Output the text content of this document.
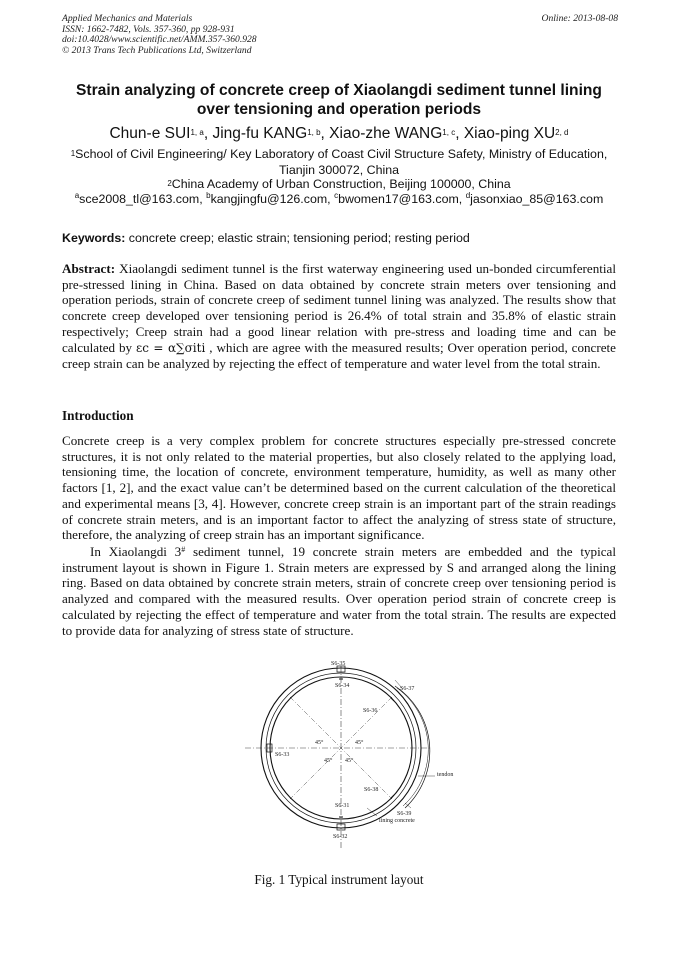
Applied Mechanics and Materials
ISSN: 1662-7482, Vols. 357-360, pp 928-931
doi:10.4028/www.scientific.net/AMM.357-360.928
© 2013 Trans Tech Publications Ltd, Switzerland
Online: 2013-08-08
Strain analyzing of concrete creep of Xiaolangdi sediment tunnel lining
over tensioning and operation periods
Chun-e SUI$^{1, a}$, Jing-fu KANG$^{1, b}$, Xiao-zhe WANG$^{1, c}$, Xiao-ping XU$^{2, d}$
$^1$School of Civil Engineering/ Key Laboratory of Coast Civil Structure Safety, Ministry of Education,
Tianjin 300072, China
$^2$China Academy of Urban Construction, Beijing 100000, China
$^a$sce2008_tl@163.com, $^b$kangjingfu@126.com, $^c$bwomen17@163.com, $^d$jasonxiao_85@163.com
Keywords: concrete creep; elastic strain; tensioning period; resting period
Abstract: Xiaolangdi sediment tunnel is the first waterway engineering used un-bonded circumferential pre-stressed lining in China. Based on data obtained by concrete strain meters over tensioning and operation periods, strain of concrete creep of sediment tunnel lining was analyzed. The results show that concrete creep developed over tensioning period is 26.4% of total strain and 35.8% of elastic strain respectively; Creep strain had a good linear relation with pre-stress and loading time and can be calculated by εc = α∑σiti , which are agree with the measured results; Over operation period, concrete creep strain can be analyzed by rejecting the effect of temperature and water level from the total strain.
Introduction
Concrete creep is a very complex problem for concrete structures especially pre-stressed concrete structures, it is not only related to the material properties, but also closely related to the applying load, tensioning time, the location of concrete, environment temperature, humidity, as well as many other factors [1, 2], and the exact value can’t be determined based on the current calculation of the theoretical and experimental means [3, 4]. However, concrete creep strain is an important part of the strain readings of concrete strain meters, and is an important factor to affect the analyzing of stress state of structure, therefore, the analyzing of creep strain has an important significance.
In Xiaolangdi 3# sediment tunnel, 19 concrete strain meters are embedded and the typical instrument layout is shown in Figure 1. Strain meters are expressed by S and arranged along the lining ring. Based on data obtained by concrete strain meters, strain of concrete creep over tensioning period is analyzed and compared with the measured results. Over operation period strain of concrete creep is calculated by rejecting the effect of temperature and water from the total strain. The results are expected to provide data for analyzing of stress state of structure.
S6-35
S6-37
S6-34
S6-36
S6-33
S6-38
S6-31
S6-39
S6-32
tendon
lining concrete
45°	45°
45° 45°
Fig. 1 Typical instrument layout
